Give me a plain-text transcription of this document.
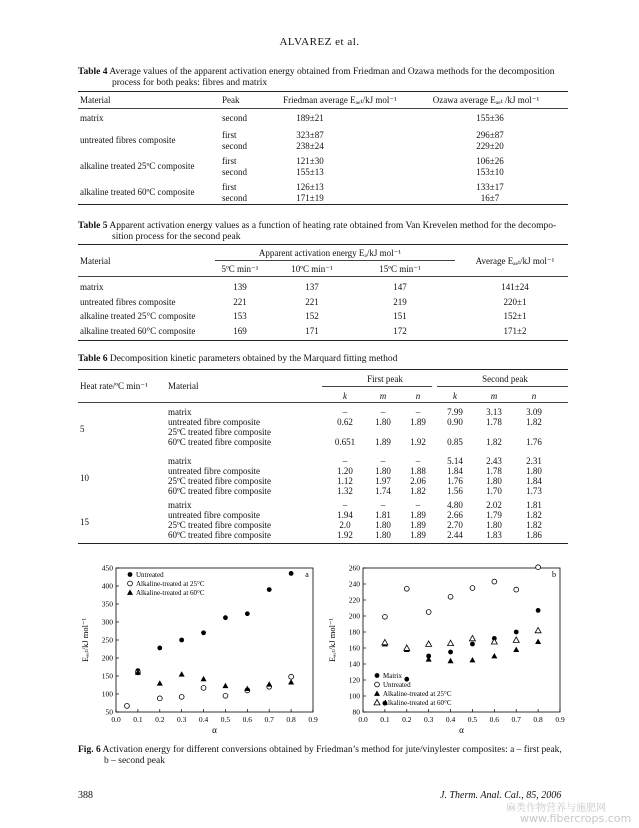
ALVAREZ et al.
Table 4 Average values of the apparent activation energy obtained from Friedman and Ozawa methods for the decomposition
process for both peaks: fibres and matrix
Material	Peak	Friedman average Eₐₑₜ/kJ mol⁻¹	Ozawa average Eₐₑₜ /kJ mol⁻¹
matrix	second	189±21	155±36
untreated fibres composite	first	323±87	296±87
second	238±24	229±20
alkaline treated 25ºC composite	first	121±30	106±26
second	155±13	153±10
alkaline treated 60ºC composite	first	126±13	133±17
second	171±19	16±7
Table 5 Apparent activation energy values as a function of heating rate obtained from Van Krevelen method for the decompo-
sition process for the second peak
Apparent activation energy Eₐ/kJ mol⁻¹
Material
5ºC min⁻¹	10ºC min⁻¹	15ºC min⁻¹
Average Eₐₑₜ/kJ mol⁻¹
matrix	139	137	147	141±24
untreated fibres composite	221	221	219	220±1
alkaline treated 25°C composite	153	152	151	152±1
alkaline treated 60°C composite	169	171	172	171±2
Table 6 Decomposition kinetic parameters obtained by the Marquard fitting method
Heat rate/ºC min⁻¹ Material
First peak	Second peak
k	m	n	k	m	n
5
matrix	–	–	–	7.99	3.13	3.09
untreated fibre composite	0.62	1.80	1.89	0.90	1.78	1.82
25ºC treated fibre composite
60ºC treated fibre composite	0.651	1.89	1.92	0.85	1.82	1.76
10
matrix	–	–	–	5.14	2.43	2.31
untreated fibre composite	1.20	1.80	1.88	1.84	1.78	1.80
25ºC treated fibre composite	1.12	1.97	2.06	1.76	1.80	1.84
60ºC treated fibre composite	1.32	1.74	1.82	1.56	1.70	1.73
15
matrix	–	–	–	4.80	2.02	1.81
untreated fibre composite	1.94	1.81	1.89	2.66	1.79	1.82
25ºC treated fibre composite	2.0	1.80	1.89	2.70	1.80	1.82
60ºC treated fibre composite	1.92	1.80	1.89	2.44	1.83	1.86
0.0 0.1 0.2 0.3 0.4 0.5 0.6 0.7 0.8 0.9
50
100
150
200
250
300
350
400
450
α
Eₐₑₜ/kJ mol⁻¹
a
Untreated
Alkaline-treated at 25°C
Alkaline-treated at 60°C
0.0 0.1 0.2 0.3 0.4 0.5 0.6 0.7 0.8 0.9
80
100
120
140
160
180
200
220
240
260
α
Eₐₑₜ/kJ mol⁻¹
b
Matrix
Untreated
Alkaline-treated at 25°C
Alkaline-treated at 60°C
Fig. 6 Activation energy for different conversions obtained by Friedman’s method for jute/vinylester composites: a – first peak,
b – second peak
388	J. Therm. Anal. Cal., 85, 2006
麻类作物营养与施肥网
www.fibercrops.com
